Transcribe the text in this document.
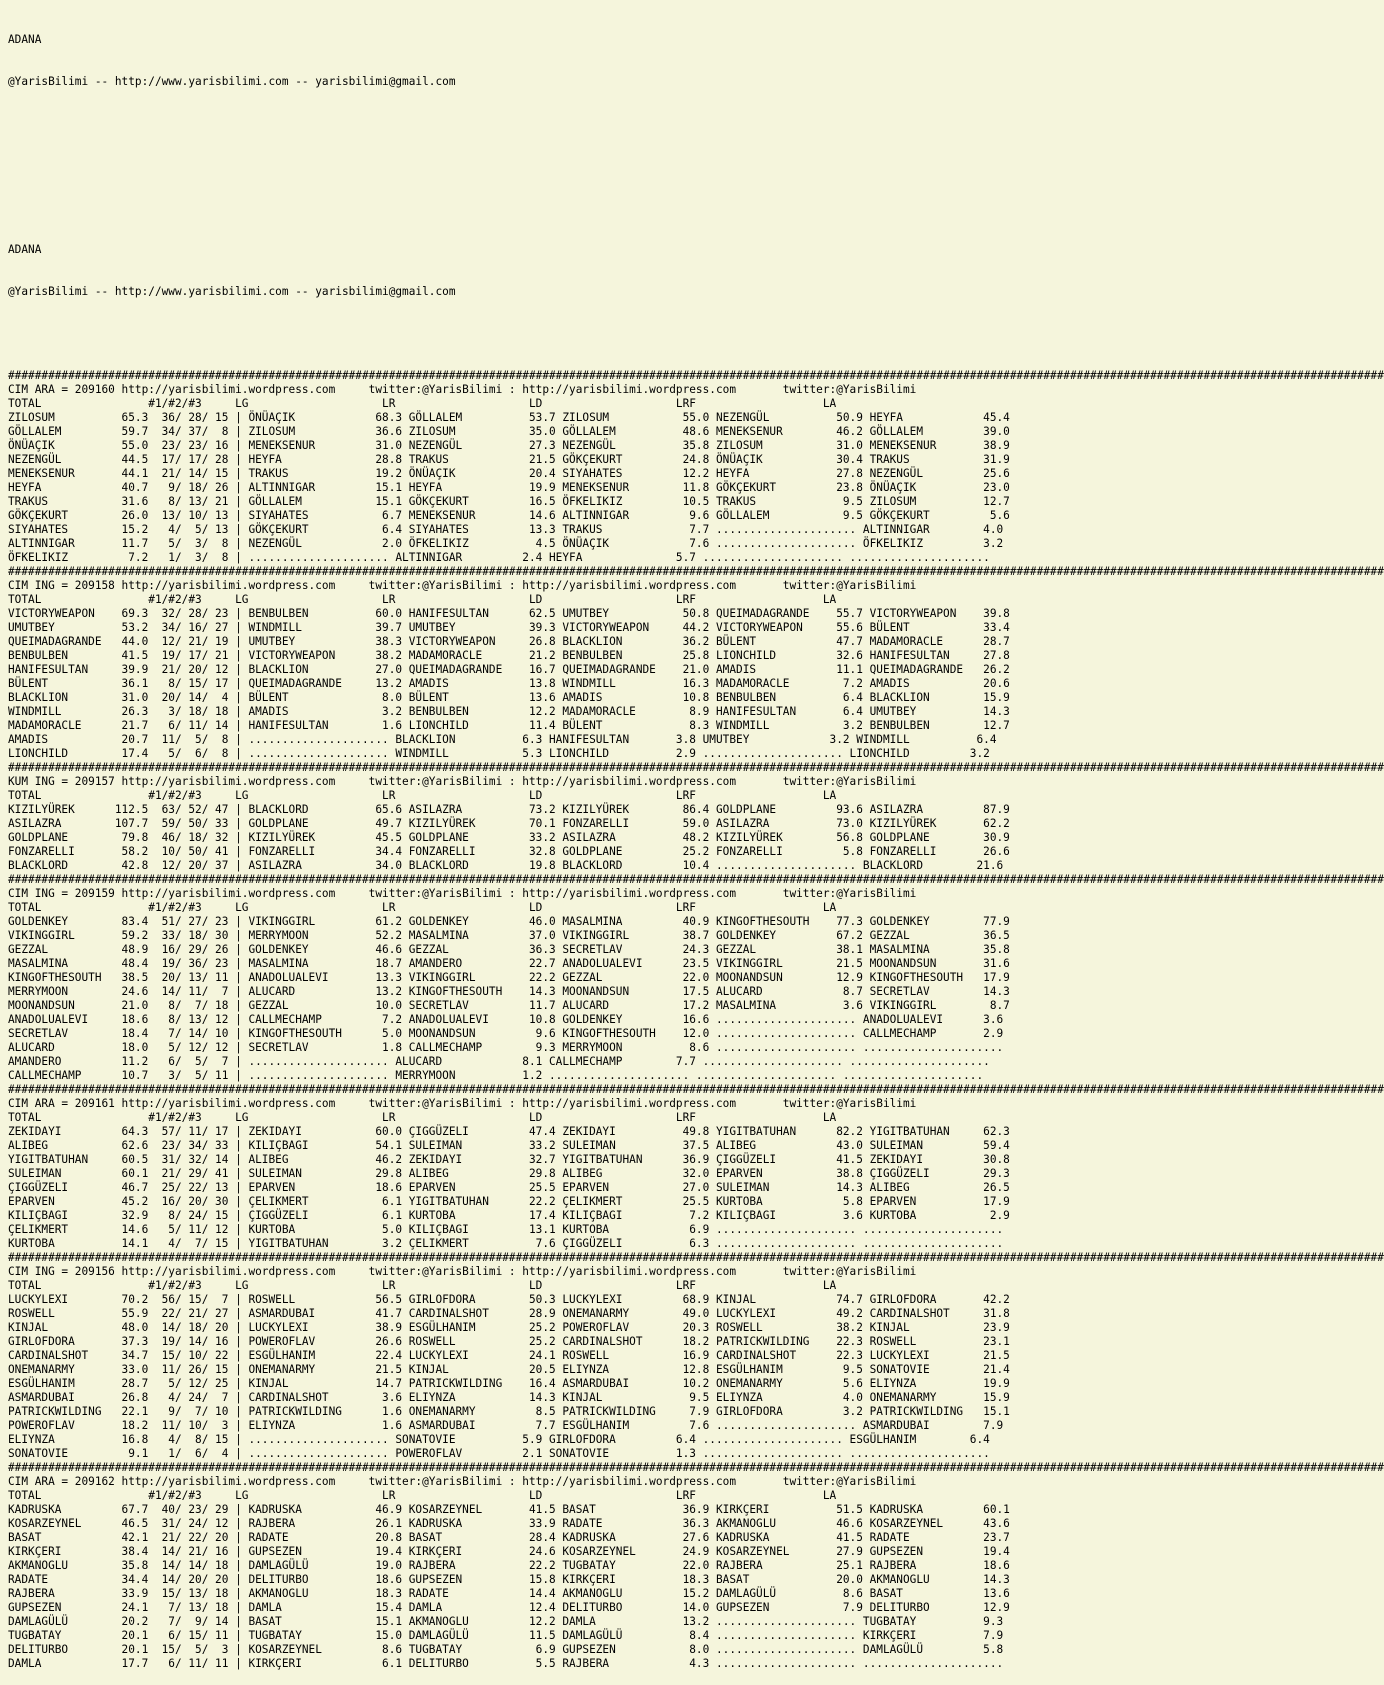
ADANA

@YarisBilimi -- http://www.yarisbilimi.com -- yarisbilimi@gmail.com

ADANA

@YarisBilimi -- http://www.yarisbilimi.com -- yarisbilimi@gmail.com

##############################################################################################################################################################################################################
CIM ARA = 209160 http://yarisbilimi.wordpress.com     twitter:@YarisBilimi : http://yarisbilimi.wordpress.com       twitter:@YarisBilimi
TOTAL                #1/#2/#3     LG                    LR                    LD                    LRF                   LA
ZILOSUM          65.3  36/ 28/ 15 | ÖNÜAÇIK            68.3 GÖLLALEM          53.7 ZILOSUM           55.0 NEZENGÜL          50.9 HEYFA            45.4
GÖLLALEM         59.7  34/ 37/  8 | ZILOSUM            36.6 ZILOSUM           35.0 GÖLLALEM          48.6 MENEKSENUR        46.2 GÖLLALEM         39.0
ÖNÜAÇIK          55.0  23/ 23/ 16 | MENEKSENUR         31.0 NEZENGÜL          27.3 NEZENGÜL          35.8 ZILOSUM           31.0 MENEKSENUR       38.9
NEZENGÜL         44.5  17/ 17/ 28 | HEYFA              28.8 TRAKUS            21.5 GÖKÇEKURT         24.8 ÖNÜAÇIK           30.4 TRAKUS           31.9
MENEKSENUR       44.1  21/ 14/ 15 | TRAKUS             19.2 ÖNÜAÇIK           20.4 SIYAHATES         12.2 HEYFA             27.8 NEZENGÜL         25.6
HEYFA            40.7   9/ 18/ 26 | ALTINNIGAR         15.1 HEYFA             19.9 MENEKSENUR        11.8 GÖKÇEKURT         23.8 ÖNÜAÇIK          23.0
TRAKUS           31.6   8/ 13/ 21 | GÖLLALEM           15.1 GÖKÇEKURT         16.5 ÖFKELIKIZ         10.5 TRAKUS             9.5 ZILOSUM          12.7
GÖKÇEKURT        26.0  13/ 10/ 13 | SIYAHATES           6.7 MENEKSENUR        14.6 ALTINNIGAR         9.6 GÖLLALEM           9.5 GÖKÇEKURT         5.6
SIYAHATES        15.2   4/  5/ 13 | GÖKÇEKURT           6.4 SIYAHATES         13.3 TRAKUS             7.7 ..................... ALTINNIGAR        4.0
ALTINNIGAR       11.7   5/  3/  8 | NEZENGÜL            2.0 ÖFKELIKIZ          4.5 ÖNÜAÇIK            7.6 ..................... ÖFKELIKIZ         3.2
ÖFKELIKIZ         7.2   1/  3/  8 | ..................... ALTINNIGAR         2.4 HEYFA              5.7 ..................... .....................
##############################################################################################################################################################################################################
CIM ING = 209158 http://yarisbilimi.wordpress.com     twitter:@YarisBilimi : http://yarisbilimi.wordpress.com       twitter:@YarisBilimi
TOTAL                #1/#2/#3     LG                    LR                    LD                    LRF                   LA
VICTORYWEAPON    69.3  32/ 28/ 23 | BENBULBEN          60.0 HANIFESULTAN      62.5 UMUTBEY           50.8 QUEIMADAGRANDE    55.7 VICTORYWEAPON    39.8
UMUTBEY          53.2  34/ 16/ 27 | WINDMILL           39.7 UMUTBEY           39.3 VICTORYWEAPON     44.2 VICTORYWEAPON     55.6 BÜLENT           33.4
QUEIMADAGRANDE   44.0  12/ 21/ 19 | UMUTBEY            38.3 VICTORYWEAPON     26.8 BLACKLION         36.2 BÜLENT            47.7 MADAMORACLE      28.7
BENBULBEN        41.5  19/ 17/ 21 | VICTORYWEAPON      38.2 MADAMORACLE       21.2 BENBULBEN         25.8 LIONCHILD         32.6 HANIFESULTAN     27.8
HANIFESULTAN     39.9  21/ 20/ 12 | BLACKLION          27.0 QUEIMADAGRANDE    16.7 QUEIMADAGRANDE    21.0 AMADIS            11.1 QUEIMADAGRANDE   26.2
BÜLENT           36.1   8/ 15/ 17 | QUEIMADAGRANDE     13.2 AMADIS            13.8 WINDMILL          16.3 MADAMORACLE        7.2 AMADIS           20.6
BLACKLION        31.0  20/ 14/  4 | BÜLENT              8.0 BÜLENT            13.6 AMADIS            10.8 BENBULBEN          6.4 BLACKLION        15.9
WINDMILL         26.3   3/ 18/ 18 | AMADIS              3.2 BENBULBEN         12.2 MADAMORACLE        8.9 HANIFESULTAN       6.4 UMUTBEY          14.3
MADAMORACLE      21.7   6/ 11/ 14 | HANIFESULTAN        1.6 LIONCHILD         11.4 BÜLENT             8.3 WINDMILL           3.2 BENBULBEN        12.7
AMADIS           20.7  11/  5/  8 | ..................... BLACKLION          6.3 HANIFESULTAN       3.8 UMUTBEY            3.2 WINDMILL          6.4
LIONCHILD        17.4   5/  6/  8 | ..................... WINDMILL           5.3 LIONCHILD          2.9 ..................... LIONCHILD         3.2
##############################################################################################################################################################################################################
KUM ING = 209157 http://yarisbilimi.wordpress.com     twitter:@YarisBilimi : http://yarisbilimi.wordpress.com       twitter:@YarisBilimi
TOTAL                #1/#2/#3     LG                    LR                    LD                    LRF                   LA
KIZILYÜREK      112.5  63/ 52/ 47 | BLACKLORD          65.6 ASILAZRA          73.2 KIZILYÜREK        86.4 GOLDPLANE         93.6 ASILAZRA         87.9
ASILAZRA        107.7  59/ 50/ 33 | GOLDPLANE          49.7 KIZILYÜREK        70.1 FONZARELLI        59.0 ASILAZRA          73.0 KIZILYÜREK       62.2
GOLDPLANE        79.8  46/ 18/ 32 | KIZILYÜREK         45.5 GOLDPLANE         33.2 ASILAZRA          48.2 KIZILYÜREK        56.8 GOLDPLANE        30.9
FONZARELLI       58.2  10/ 50/ 41 | FONZARELLI         34.4 FONZARELLI        32.8 GOLDPLANE         25.2 FONZARELLI         5.8 FONZARELLI       26.6
BLACKLORD        42.8  12/ 20/ 37 | ASILAZRA           34.0 BLACKLORD         19.8 BLACKLORD         10.4 ..................... BLACKLORD        21.6
##############################################################################################################################################################################################################
CIM ING = 209159 http://yarisbilimi.wordpress.com     twitter:@YarisBilimi : http://yarisbilimi.wordpress.com       twitter:@YarisBilimi
TOTAL                #1/#2/#3     LG                    LR                    LD                    LRF                   LA
GOLDENKEY        83.4  51/ 27/ 23 | VIKINGGIRL         61.2 GOLDENKEY         46.0 MASALMINA         40.9 KINGOFTHESOUTH    77.3 GOLDENKEY        77.9
VIKINGGIRL       59.2  33/ 18/ 30 | MERRYMOON          52.2 MASALMINA         37.0 VIKINGGIRL        38.7 GOLDENKEY         67.2 GEZZAL           36.5
GEZZAL           48.9  16/ 29/ 26 | GOLDENKEY          46.6 GEZZAL            36.3 SECRETLAV         24.3 GEZZAL            38.1 MASALMINA        35.8
MASALMINA        48.4  19/ 36/ 23 | MASALMINA          18.7 AMANDERO          22.7 ANADOLUALEVI      23.5 VIKINGGIRL        21.5 MOONANDSUN       31.6
KINGOFTHESOUTH   38.5  20/ 13/ 11 | ANADOLUALEVI       13.3 VIKINGGIRL        22.2 GEZZAL            22.0 MOONANDSUN        12.9 KINGOFTHESOUTH   17.9
MERRYMOON        24.6  14/ 11/  7 | ALUCARD            13.2 KINGOFTHESOUTH    14.3 MOONANDSUN        17.5 ALUCARD            8.7 SECRETLAV        14.3
MOONANDSUN       21.0   8/  7/ 18 | GEZZAL             10.0 SECRETLAV         11.7 ALUCARD           17.2 MASALMINA          3.6 VIKINGGIRL        8.7
ANADOLUALEVI     18.6   8/ 13/ 12 | CALLMECHAMP         7.2 ANADOLUALEVI      10.8 GOLDENKEY         16.6 ..................... ANADOLUALEVI      3.6
SECRETLAV        18.4   7/ 14/ 10 | KINGOFTHESOUTH      5.0 MOONANDSUN         9.6 KINGOFTHESOUTH    12.0 ..................... CALLMECHAMP       2.9
ALUCARD          18.0   5/ 12/ 12 | SECRETLAV           1.8 CALLMECHAMP        9.3 MERRYMOON          8.6 ..................... .....................
AMANDERO         11.2   6/  5/  7 | ..................... ALUCARD            8.1 CALLMECHAMP        7.7 ..................... .....................
CALLMECHAMP      10.7   3/  5/ 11 | ..................... MERRYMOON          1.2 ..................... ..................... .....................
##############################################################################################################################################################################################################
CIM ARA = 209161 http://yarisbilimi.wordpress.com     twitter:@YarisBilimi : http://yarisbilimi.wordpress.com       twitter:@YarisBilimi
TOTAL                #1/#2/#3     LG                    LR                    LD                    LRF                   LA
ZEKIDAYI         64.3  57/ 11/ 17 | ZEKIDAYI           60.0 ÇIGGÜZELI         47.4 ZEKIDAYI          49.8 YIGITBATUHAN      82.2 YIGITBATUHAN     62.3
ALIBEG           62.6  23/ 34/ 33 | KILIÇBAGI          54.1 SULEIMAN          33.2 SULEIMAN          37.5 ALIBEG            43.0 SULEIMAN         59.4
YIGITBATUHAN     60.5  31/ 32/ 14 | ALIBEG             46.2 ZEKIDAYI          32.7 YIGITBATUHAN      36.9 ÇIGGÜZELI         41.5 ZEKIDAYI         30.8
SULEIMAN         60.1  21/ 29/ 41 | SULEIMAN           29.8 ALIBEG            29.8 ALIBEG            32.0 EPARVEN           38.8 ÇIGGÜZELI        29.3
ÇIGGÜZELI        46.7  25/ 22/ 13 | EPARVEN            18.6 EPARVEN           25.5 EPARVEN           27.0 SULEIMAN          14.3 ALIBEG           26.5
EPARVEN          45.2  16/ 20/ 30 | ÇELIKMERT           6.1 YIGITBATUHAN      22.2 ÇELIKMERT         25.5 KURTOBA            5.8 EPARVEN          17.9
KILIÇBAGI        32.9   8/ 24/ 15 | ÇIGGÜZELI           6.1 KURTOBA           17.4 KILIÇBAGI          7.2 KILIÇBAGI          3.6 KURTOBA           2.9
ÇELIKMERT        14.6   5/ 11/ 12 | KURTOBA             5.0 KILIÇBAGI         13.1 KURTOBA            6.9 ..................... .....................
KURTOBA          14.1   4/  7/ 15 | YIGITBATUHAN        3.2 ÇELIKMERT          7.6 ÇIGGÜZELI          6.3 ..................... .....................
##############################################################################################################################################################################################################
CIM ING = 209156 http://yarisbilimi.wordpress.com     twitter:@YarisBilimi : http://yarisbilimi.wordpress.com       twitter:@YarisBilimi
TOTAL                #1/#2/#3     LG                    LR                    LD                    LRF                   LA
LUCKYLEXI        70.2  56/ 15/  7 | ROSWELL            56.5 GIRLOFDORA        50.3 LUCKYLEXI         68.9 KINJAL            74.7 GIRLOFDORA       42.2
ROSWELL          55.9  22/ 21/ 27 | ASMARDUBAI         41.7 CARDINALSHOT      28.9 ONEMANARMY        49.0 LUCKYLEXI         49.2 CARDINALSHOT     31.8
KINJAL           48.0  14/ 18/ 20 | LUCKYLEXI          38.9 ESGÜLHANIM        25.2 POWEROFLAV        20.3 ROSWELL           38.2 KINJAL           23.9
GIRLOFDORA       37.3  19/ 14/ 16 | POWEROFLAV         26.6 ROSWELL           25.2 CARDINALSHOT      18.2 PATRICKWILDING    22.3 ROSWELL          23.1
CARDINALSHOT     34.7  15/ 10/ 22 | ESGÜLHANIM         22.4 LUCKYLEXI         24.1 ROSWELL           16.9 CARDINALSHOT      22.3 LUCKYLEXI        21.5
ONEMANARMY       33.0  11/ 26/ 15 | ONEMANARMY         21.5 KINJAL            20.5 ELIYNZA           12.8 ESGÜLHANIM         9.5 SONATOVIE        21.4
ESGÜLHANIM       28.7   5/ 12/ 25 | KINJAL             14.7 PATRICKWILDING    16.4 ASMARDUBAI        10.2 ONEMANARMY         5.6 ELIYNZA          19.9
ASMARDUBAI       26.8   4/ 24/  7 | CARDINALSHOT        3.6 ELIYNZA           14.3 KINJAL             9.5 ELIYNZA            4.0 ONEMANARMY       15.9
PATRICKWILDING   22.1   9/  7/ 10 | PATRICKWILDING      1.6 ONEMANARMY         8.5 PATRICKWILDING     7.9 GIRLOFDORA         3.2 PATRICKWILDING   15.1
POWEROFLAV       18.2  11/ 10/  3 | ELIYNZA             1.6 ASMARDUBAI         7.7 ESGÜLHANIM         7.6 ..................... ASMARDUBAI        7.9
ELIYNZA          16.8   4/  8/ 15 | ..................... SONATOVIE          5.9 GIRLOFDORA         6.4 ..................... ESGÜLHANIM        6.4
SONATOVIE         9.1   1/  6/  4 | ..................... POWEROFLAV         2.1 SONATOVIE          1.3 ..................... .....................
##############################################################################################################################################################################################################
CIM ARA = 209162 http://yarisbilimi.wordpress.com     twitter:@YarisBilimi : http://yarisbilimi.wordpress.com       twitter:@YarisBilimi
TOTAL                #1/#2/#3     LG                    LR                    LD                    LRF                   LA
KADRUSKA         67.7  40/ 23/ 29 | KADRUSKA           46.9 KOSARZEYNEL       41.5 BASAT             36.9 KIRKÇERI          51.5 KADRUSKA         60.1
KOSARZEYNEL      46.5  31/ 24/ 12 | RAJBERA            26.1 KADRUSKA          33.9 RADATE            36.3 AKMANOGLU         46.6 KOSARZEYNEL      43.6
BASAT            42.1  21/ 22/ 20 | RADATE             20.8 BASAT             28.4 KADRUSKA          27.6 KADRUSKA          41.5 RADATE           23.7
KIRKÇERI         38.4  14/ 21/ 16 | GUPSEZEN           19.4 KIRKÇERI          24.6 KOSARZEYNEL       24.9 KOSARZEYNEL       27.9 GUPSEZEN         19.4
AKMANOGLU        35.8  14/ 14/ 18 | DAMLAGÜLÜ          19.0 RAJBERA           22.2 TUGBATAY          22.0 RAJBERA           25.1 RAJBERA          18.6
RADATE           34.4  14/ 20/ 20 | DELITURBO          18.6 GUPSEZEN          15.8 KIRKÇERI          18.3 BASAT             20.0 AKMANOGLU        14.3
RAJBERA          33.9  15/ 13/ 18 | AKMANOGLU          18.3 RADATE            14.4 AKMANOGLU         15.2 DAMLAGÜLÜ          8.6 BASAT            13.6
GUPSEZEN         24.1   7/ 13/ 18 | DAMLA              15.4 DAMLA             12.4 DELITURBO         14.0 GUPSEZEN           7.9 DELITURBO        12.9
DAMLAGÜLÜ        20.2   7/  9/ 14 | BASAT              15.1 AKMANOGLU         12.2 DAMLA             13.2 ..................... TUGBATAY          9.3
TUGBATAY         20.1   6/ 15/ 11 | TUGBATAY           15.0 DAMLAGÜLÜ         11.5 DAMLAGÜLÜ          8.4 ..................... KIRKÇERI          7.9
DELITURBO        20.1  15/  5/  3 | KOSARZEYNEL         8.6 TUGBATAY           6.9 GUPSEZEN           8.0 ..................... DAMLAGÜLÜ         5.8
DAMLA            17.7   6/ 11/ 11 | KIRKÇERI            6.1 DELITURBO          5.5 RAJBERA            4.3 ..................... .....................
